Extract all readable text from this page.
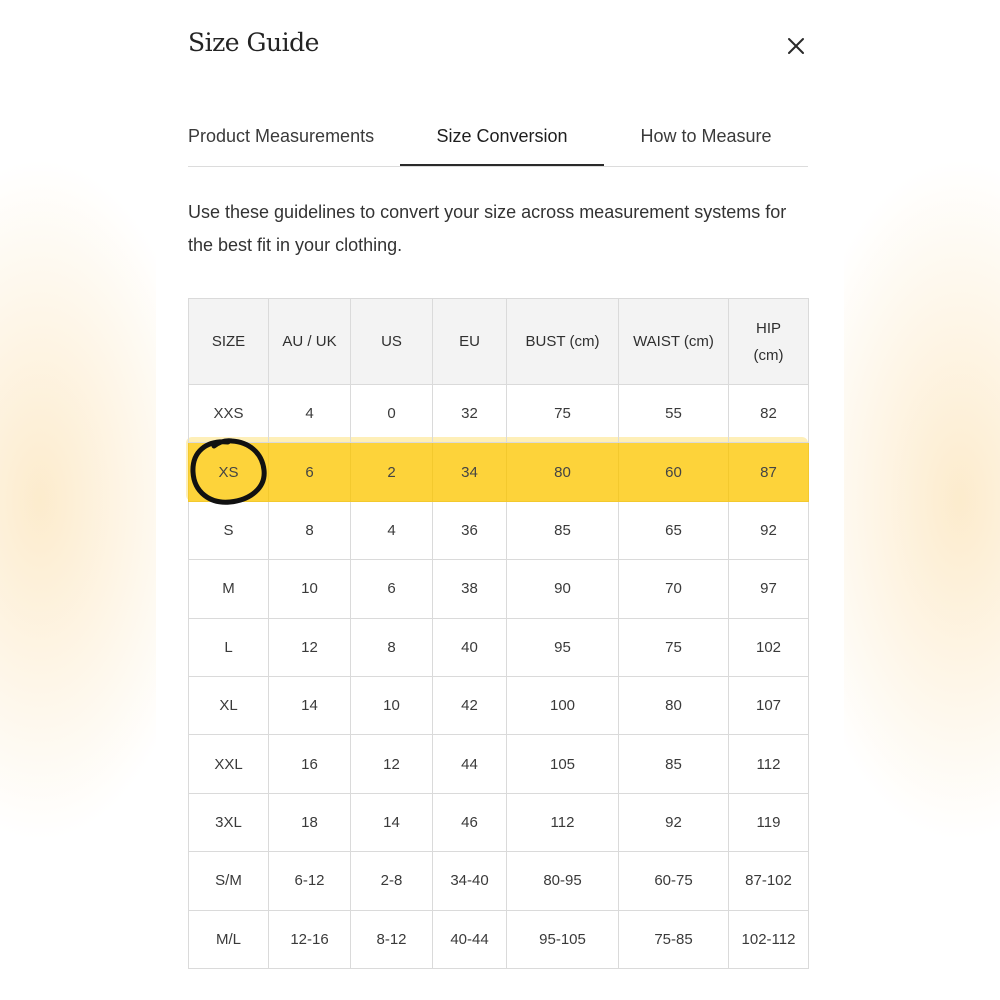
Size Guide
Product Measurements	Size Conversion	How to Measure

Use these guidelines to convert your size across measurement systems for the best fit in your clothing.

SIZE	AU / UK	US	EU	BUST (cm)	WAIST (cm)	HIP (cm)
XXS	4	0	32	75	55	82
XS	6	2	34	80	60	87
S	8	4	36	85	65	92
M	10	6	38	90	70	97
L	12	8	40	95	75	102
XL	14	10	42	100	80	107
XXL	16	12	44	105	85	112
3XL	18	14	46	112	92	119
S/M	6-12	2-8	34-40	80-95	60-75	87-102
M/L	12-16	8-12	40-44	95-105	75-85	102-112
